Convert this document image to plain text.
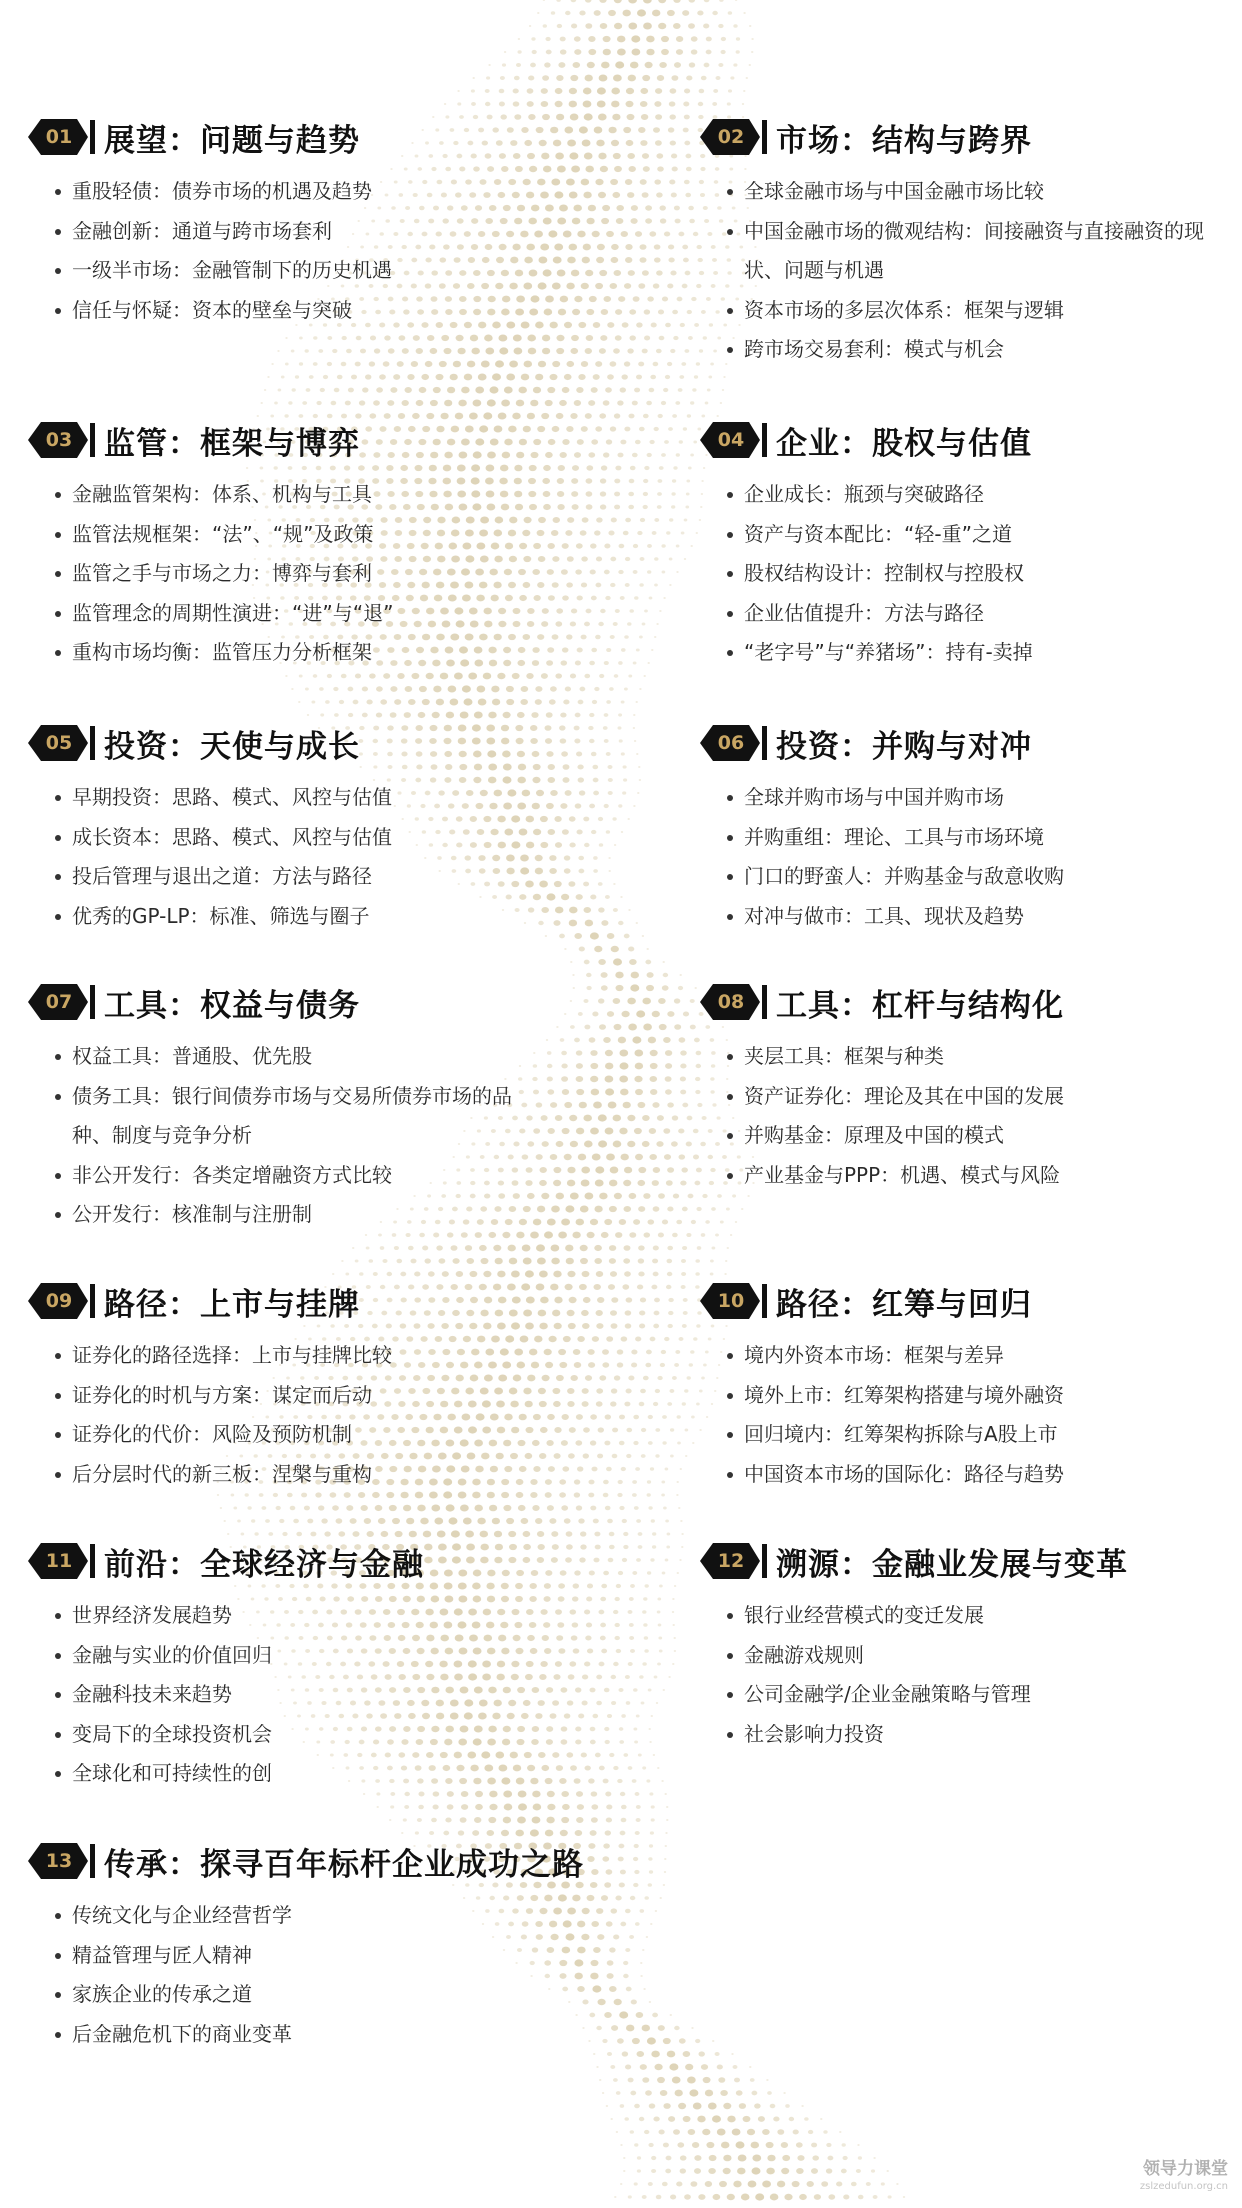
01 展望：问题与趋势
重股轻债：债券市场的机遇及趋势
金融创新：通道与跨市场套利
一级半市场：金融管制下的历史机遇
信任与怀疑：资本的壁垒与突破
02 市场：结构与跨界
全球金融市场与中国金融市场比较
中国金融市场的微观结构：间接融资与直接融资的现状、问题与机遇
资本市场的多层次体系：框架与逻辑
跨市场交易套利：模式与机会
03 监管：框架与博弈
金融监管架构：体系、机构与工具
监管法规框架：“法”、“规”及政策
监管之手与市场之力：博弈与套利
监管理念的周期性演进：“进”与“退”
重构市场均衡：监管压力分析框架
04 企业：股权与估值
企业成长：瓶颈与突破路径
资产与资本配比：“轻-重”之道
股权结构设计：控制权与控股权
企业估值提升：方法与路径
“老字号”与“养猪场”：持有-卖掉
05 投资：天使与成长
早期投资：思路、模式、风控与估值
成长资本：思路、模式、风控与估值
投后管理与退出之道：方法与路径
优秀的GP-LP：标准、筛选与圈子
06 投资：并购与对冲
全球并购市场与中国并购市场
并购重组：理论、工具与市场环境
门口的野蛮人：并购基金与敌意收购
对冲与做市：工具、现状及趋势
07 工具：权益与债务
权益工具：普通股、优先股
债务工具：银行间债券市场与交易所债券市场的品种、制度与竞争分析
非公开发行：各类定增融资方式比较
公开发行：核准制与注册制
08 工具：杠杆与结构化
夹层工具：框架与种类
资产证券化：理论及其在中国的发展
并购基金：原理及中国的模式
产业基金与PPP：机遇、模式与风险
09 路径：上市与挂牌
证券化的路径选择：上市与挂牌比较
证券化的时机与方案：谋定而后动
证券化的代价：风险及预防机制
后分层时代的新三板：涅槃与重构
10 路径：红筹与回归
境内外资本市场：框架与差异
境外上市：红筹架构搭建与境外融资
回归境内：红筹架构拆除与A股上市
中国资本市场的国际化：路径与趋势
11 前沿：全球经济与金融
世界经济发展趋势
金融与实业的价值回归
金融科技未来趋势
变局下的全球投资机会
全球化和可持续性的创
12 溯源：金融业发展与变革
银行业经营模式的变迁发展
金融游戏规则
公司金融学/企业金融策略与管理
社会影响力投资
13 传承：探寻百年标杆企业成功之路
传统文化与企业经营哲学
精益管理与匠人精神
家族企业的传承之道
后金融危机下的商业变革
领导力课堂
zslzedufun.org.cn
